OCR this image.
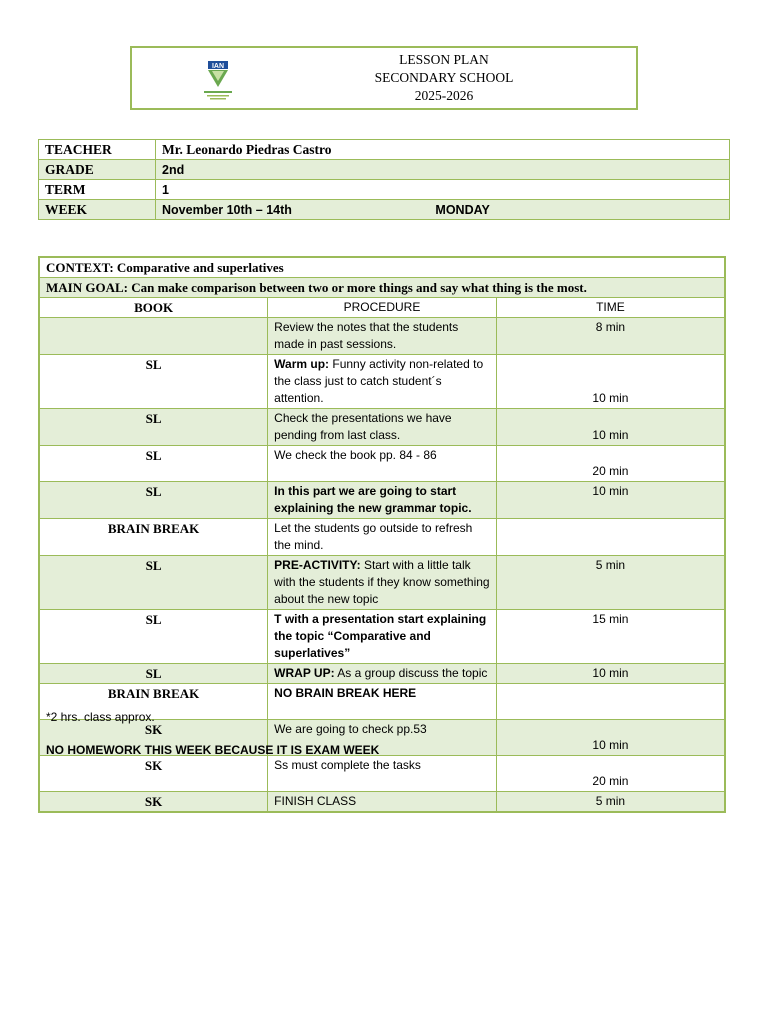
IAN	LESSON PLAN
SECONDARY SCHOOL
2025-2026
TEACHER	Mr. Leonardo Piedras Castro
GRADE	2nd
TERM	1
WEEK	November 10th – 14th MONDAY
CONTEXT: Comparative and superlatives		
MAIN GOAL: Can make comparison between two or more things and say what thing is the most.		
BOOK	PROCEDURE	TIME
	Review the notes that the students made in past sessions.	8 min
SL	Warm up: Funny activity non-related to the class just to catch student´s attention.	10 min
SL	Check the presentations we have pending from last class.	10 min
SL	We check the book pp. 84 - 86	20 min
SL	In this part we are going to start explaining the new grammar topic.	10 min
BRAIN BREAK	Let the students go outside to refresh the mind.	
SL	PRE-ACTIVITY: Start with a little talk with the students if they know something about the new topic	5 min
SL	T with a presentation start explaining the topic “Comparative and superlatives”	15 min
SL	WRAP UP: As a group discuss the topic	10 min
BRAIN BREAK	NO BRAIN BREAK HERE	
SK	We are going to check pp.53	10 min
SK	Ss must complete the tasks	20 min
SK	FINISH CLASS	5 min
*2 hrs. class approx.
NO HOMEWORK THIS WEEK BECAUSE IT IS EXAM WEEK
